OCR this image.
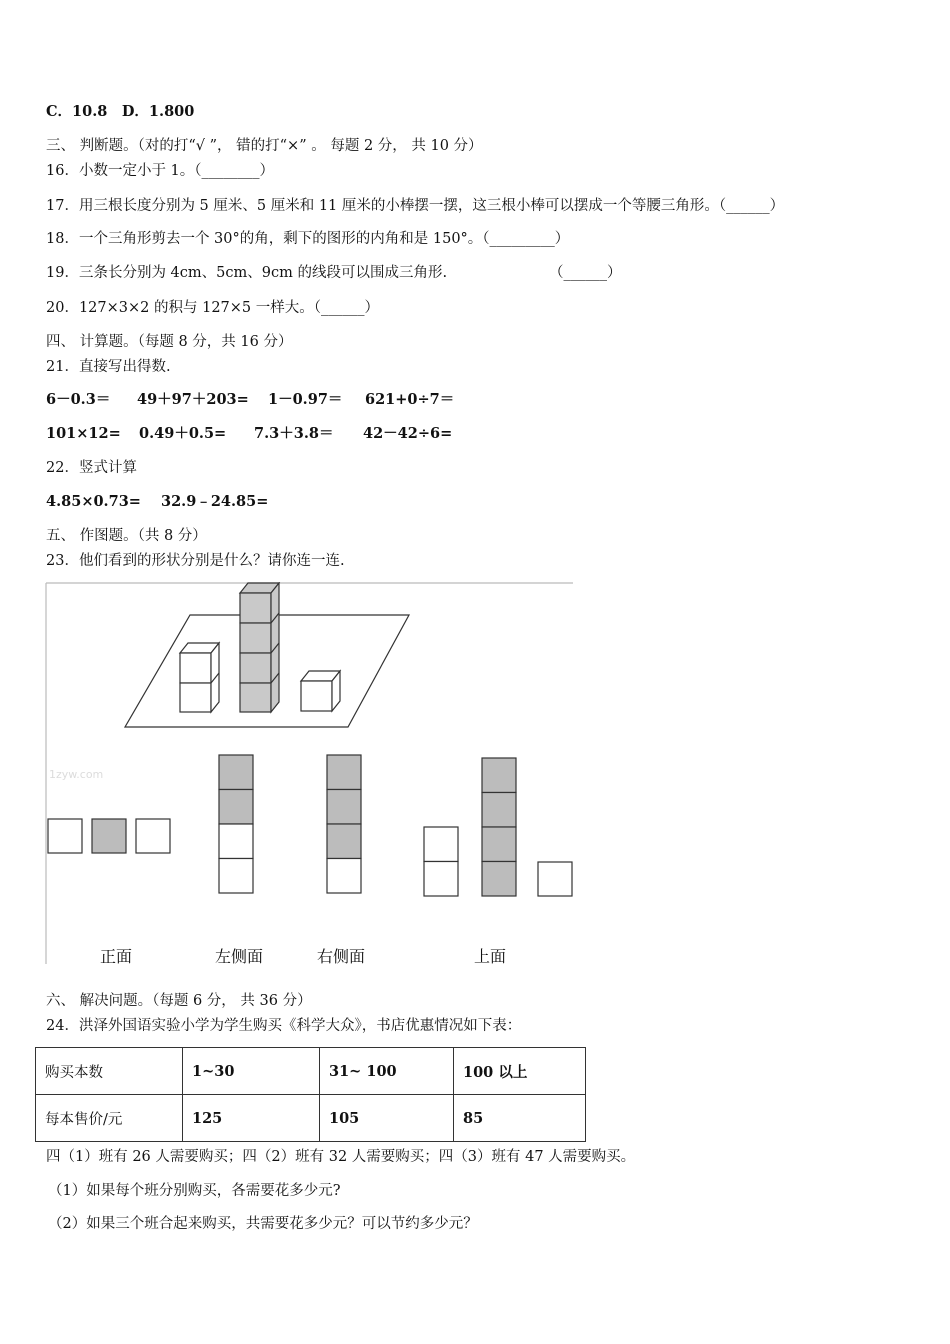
C．10.8　D．1.800
三、 判断题。（对的打“√ ”， 错的打“×” 。 每题 2 分， 共 10 分）
16．小数一定小于 1。（________）
17．用三根长度分别为 5 厘米、5 厘米和 11 厘米的小棒摆一摆，这三根小棒可以摆成一个等腰三角形。（______）
18．一个三角形剪去一个 30°的角，剩下的图形的内角和是 150°。（_________）
19．三条长分别为 4cm、5cm、9cm 的线段可以围成三角形.	（______）
20．127×3×2 的积与 127×5 一样大。（______）
四、 计算题。（每题 8 分，共 16 分）
21．直接写出得数.
6－0.3＝ 49＋97＋203= 1－0.97＝ 621+0÷7＝
101×12= 0.49＋0.5= 7.3＋3.8＝ 42－42÷6=
22．竖式计算
4.85×0.73= 32.9﹣24.85=
五、 作图题。（共 8 分）
23．他们看到的形状分别是什么？请你连一连.
1zyw.com
正面	左侧面	右侧面	上面
六、 解决问题。（每题 6 分， 共 36 分）
24．洪泽外国语实验小学为学生购买《科学大众》，书店优惠情况如下表：
购买本数	1~30	31~ 100	100 以上
每本售价/元	125	105	85
四（1）班有 26 人需要购买；四（2）班有 32 人需要购买；四（3）班有 47 人需要购买。
（1）如果每个班分别购买，各需要花多少元?
（2）如果三个班合起来购买，共需要花多少元？可以节约多少元？
